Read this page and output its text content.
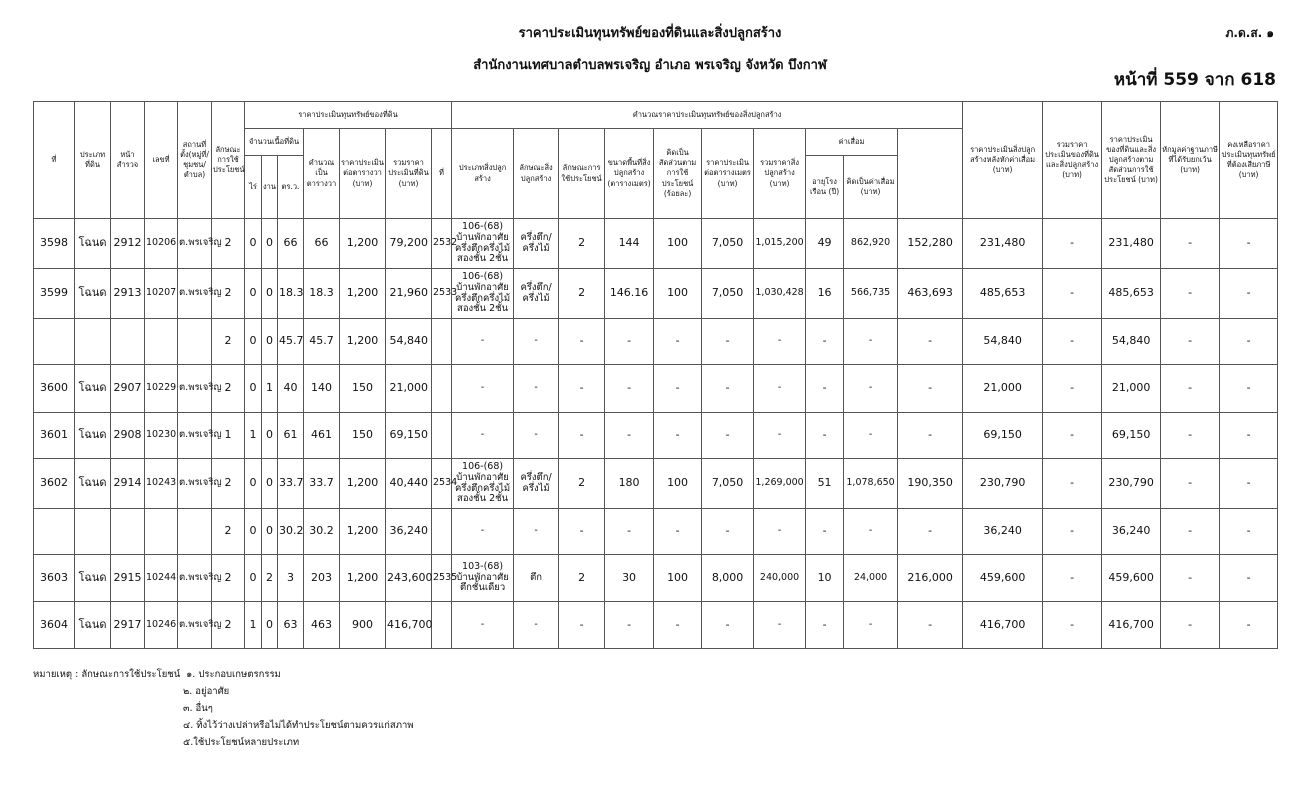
ราคาประเมินทุนทรัพย์ของที่ดินและสิ่งปลูกสร้าง
สำนักงานเทศบาลตำบลพรเจริญ อำเภอ พรเจริญ จังหวัด บึงกาฬ
ภ.ด.ส. ๑
หน้าที่ 559 จาก 618
ที่	ประเภทที่ดิน	หน้าสำรวจ	เลขที่	สถานที่ตั้ง(หมู่ที่/ชุมชน/ตำบล)	ลักษณะการใช้ประโยชน์	ราคาประเมินทุนทรัพย์ของที่ดิน							คำนวณราคาประเมินทุนทรัพย์ของสิ่งปลูกสร้าง										ราคาประเมินสิ่งปลูกสร้างหลังหักค่าเสื่อม (บาท)	รวมราคาประเมินของที่ดินและสิ่งปลูกสร้าง (บาท)	ราคาประเมินของที่ดินและสิ่งปลูกสร้างตามสัดส่วนการใช้ประโยชน์ (บาท)	หักมูลค่าฐานภาษีที่ได้รับยกเว้น (บาท)	คงเหลือราคาประเมินทุนทรัพย์ที่ต้องเสียภาษี (บาท)	
						จำนวนเนื้อที่ดิน			คำนวณเป็นตารางวา	ราคาประเมินต่อตารางวา (บาท)	รวมราคาประเมินที่ดิน (บาท)	ที่	ประเภทสิ่งปลูกสร้าง	ลักษณะสิ่งปลูกสร้าง	ลักษณะการใช้ประโยชน์	ขนาดพื้นที่สิ่งปลูกสร้าง (ตารางเมตร)	คิดเป็นสัดส่วนตามการใช้ประโยชน์ (ร้อยละ)	ราคาประเมินต่อตารางเมตร (บาท)	รวมราคาสิ่งปลูกสร้าง (บาท)	ค่าเสื่อม								
						ไร่	งาน	ตร.ว.												อายุโรงเรือน (ปี)	คิดเป็นค่าเสื่อม (บาท)							
3598	โฉนด	2912	10206	ต.พรเจริญ	2	0	0	66	66	1,200	79,200	2532	106-(68) บ้านพักอาศัยครึ่งตึกครึ่งไม้สองชั้น 2ชั้น	ครึ่งตึก/ครึ่งไม้	2	144	100	7,050	1,015,200	49	862,920	152,280	231,480	-	231,480	-	-	
3599	โฉนด	2913	10207	ต.พรเจริญ	2	0	0	18.3	18.3	1,200	21,960	2533	106-(68) บ้านพักอาศัยครึ่งตึกครึ่งไม้สองชั้น 2ชั้น	ครึ่งตึก/ครึ่งไม้	2	146.16	100	7,050	1,030,428	16	566,735	463,693	485,653	-	485,653	-	-	
					2	0	0	45.7	45.7	1,200	54,840		-	-	-	-	-	-	-	-	-	-	54,840	-	54,840	-	-	
3600	โฉนด	2907	10229	ต.พรเจริญ	2	0	1	40	140	150	21,000		-	-	-	-	-	-	-	-	-	-	21,000	-	21,000	-	-	
3601	โฉนด	2908	10230	ต.พรเจริญ	1	1	0	61	461	150	69,150		-	-	-	-	-	-	-	-	-	-	69,150	-	69,150	-	-	
3602	โฉนด	2914	10243	ต.พรเจริญ	2	0	0	33.7	33.7	1,200	40,440	2534	106-(68) บ้านพักอาศัยครึ่งตึกครึ่งไม้สองชั้น 2ชั้น	ครึ่งตึก/ครึ่งไม้	2	180	100	7,050	1,269,000	51	1,078,650	190,350	230,790	-	230,790	-	-	
					2	0	0	30.2	30.2	1,200	36,240		-	-	-	-	-	-	-	-	-	-	36,240	-	36,240	-	-	
3603	โฉนด	2915	10244	ต.พรเจริญ	2	0	2	3	203	1,200	243,600	2535	103-(68) บ้านพักอาศัยตึกชั้นเดียว	ตึก	2	30	100	8,000	240,000	10	24,000	216,000	459,600	-	459,600	-	-	
3604	โฉนด	2917	10246	ต.พรเจริญ	2	1	0	63	463	900	416,700		-	-	-	-	-	-	-	-	-	-	416,700	-	416,700	-	-	
หมายเหตุ : ลักษณะการใช้ประโยชน์ ๑. ประกอบเกษตรกรรม
๒. อยู่อาศัย
๓. อื่นๆ
๔. ทิ้งไว้ว่างเปล่าหรือไม่ได้ทำประโยชน์ตามควรแก่สภาพ
๕.ใช้ประโยชน์หลายประเภท
